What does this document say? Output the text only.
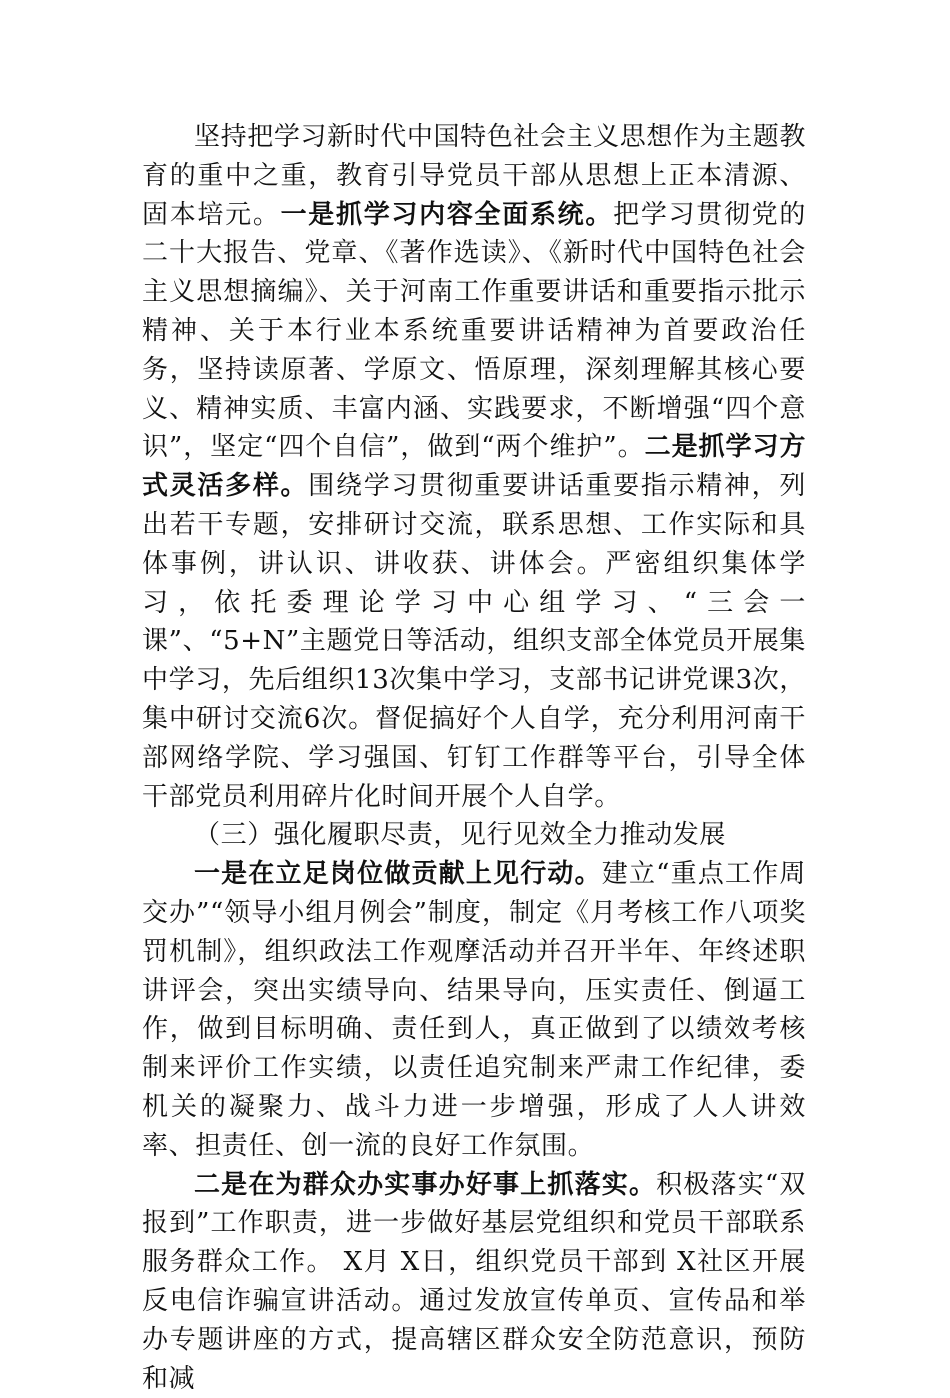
坚持把学习新时代中国特色社会主义思想作为主题教育的重中之重，教育引导党员干部从思想上正本清源、固本培元。一是抓学习内容全面系统。把学习贯彻党的二十大报告、党章、《著作选读》、《新时代中国特色社会主义思想摘编》、关于河南工作重要讲话和重要指示批示精神、关于本行业本系统重要讲话精神为首要政治任务，坚持读原著、学原文、悟原理，深刻理解其核心要义、精神实质、丰富内涵、实践要求，不断增强“四个意识”，坚定“四个自信”，做到“两个维护”。二是抓学习方式灵活多样。围绕学习贯彻重要讲话重要指示精神，列出若干专题，安排研讨交流，联系思想、工作实际和具体事例，讲认识、讲收获、讲体会。严密组织集体学习，依托委理论学习中心组学习、“三会一课”、“5+N”主题党日等活动，组织支部全体党员开展集中学习，先后组织13次集中学习，支部书记讲党课3次，集中研讨交流6次。督促搞好个人自学，充分利用河南干部网络学院、学习强国、钉钉工作群等平台，引导全体干部党员利用碎片化时间开展个人自学。

（三）强化履职尽责，见行见效全力推动发展

一是在立足岗位做贡献上见行动。建立“重点工作周交办”“领导小组月例会”制度，制定《月考核工作八项奖罚机制》，组织政法工作观摩活动并召开半年、年终述职讲评会，突出实绩导向、结果导向，压实责任、倒逼工作，做到目标明确、责任到人，真正做到了以绩效考核制来评价工作实绩，以责任追究制来严肃工作纪律，委机关的凝聚力、战斗力进一步增强，形成了人人讲效率、担责任、创一流的良好工作氛围。

二是在为群众办实事办好事上抓落实。积极落实“双报到”工作职责，进一步做好基层党组织和党员干部联系服务群众工作。 X月 X日，组织党员干部到 X社区开展反电信诈骗宣讲活动。通过发放宣传单页、宣传品和举办专题讲座的方式，提高辖区群众安全防范意识，预防和减
